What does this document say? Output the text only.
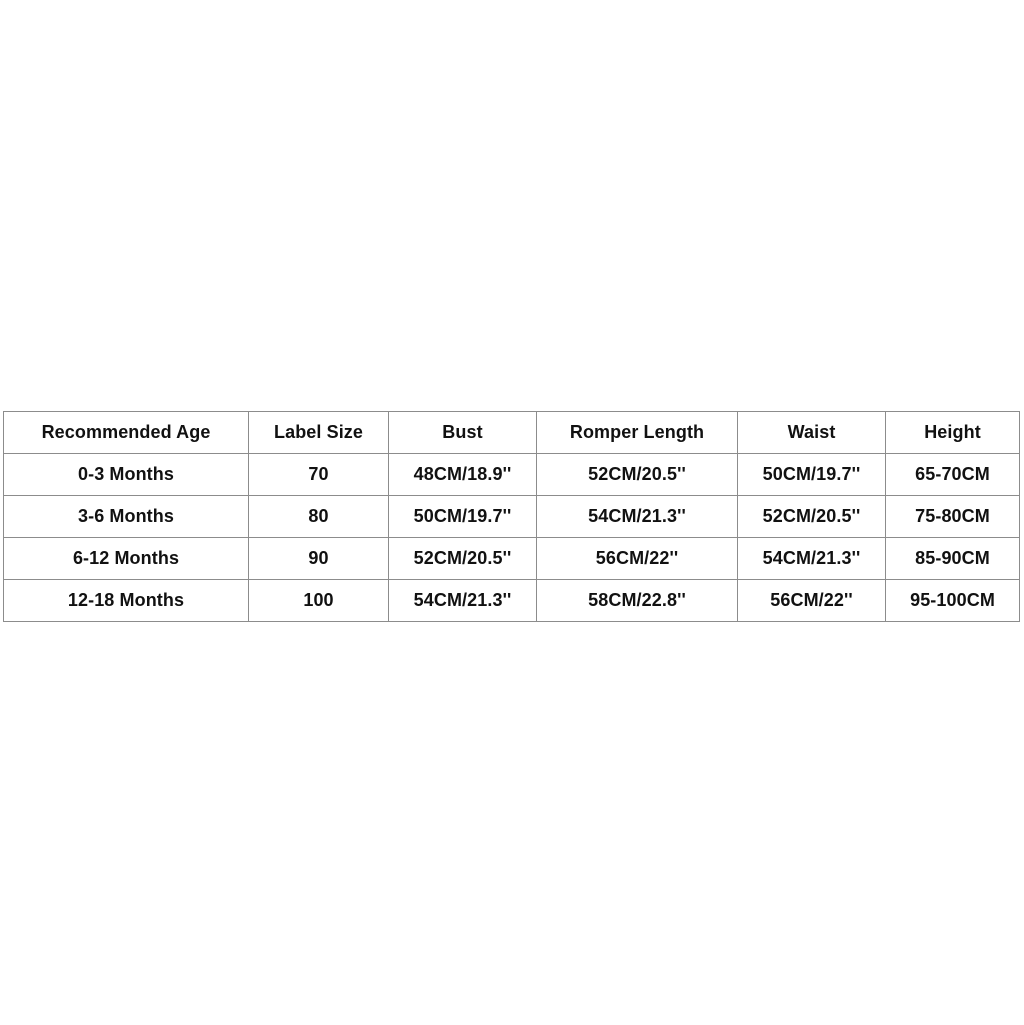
Recommended Age	Label Size	Bust	Romper Length	Waist	Height
0-3 Months	70	48CM/18.9''	52CM/20.5''	50CM/19.7''	65-70CM
3-6 Months	80	50CM/19.7''	54CM/21.3''	52CM/20.5''	75-80CM
6-12 Months	90	52CM/20.5''	56CM/22''	54CM/21.3''	85-90CM
12-18 Months	100	54CM/21.3''	58CM/22.8''	56CM/22''	95-100CM
